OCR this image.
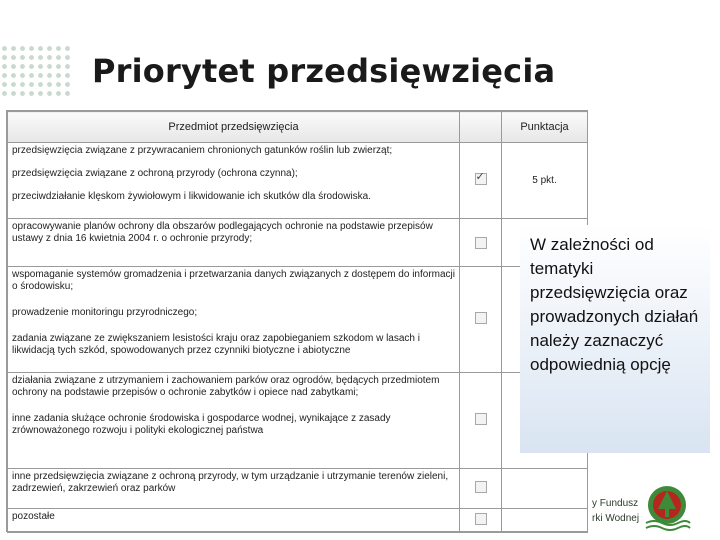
Priorytet przedsięwzięcia
Przedmiot przedsięwzięcia		Punktacja

przedsięwzięcia związane z przywracaniem chronionych gatunków roślin lub zwierząt;
przedsięwzięcia związane z ochroną przyrody (ochrona czynna);
przeciwdziałanie klęskom żywiołowym i likwidowanie ich skutków dla środowiska.	✓	5 pkt.

opracowywanie planów ochrony dla obszarów podlegających ochronie na podstawie przepisów ustawy z dnia 16 kwietnia 2004 r. o ochronie przyrody;		

wspomaganie systemów gromadzenia i przetwarzania danych związanych z dostępem do informacji o środowisku;
prowadzenie monitoringu przyrodniczego;
zadania związane ze zwiększaniem lesistości kraju oraz zapobieganiem szkodom w lasach i likwidacją tych szkód, spowodowanych przez czynniki biotyczne i abiotyczne		

działania związane z utrzymaniem i zachowaniem parków oraz ogrodów, będących przedmiotem ochrony na podstawie przepisów o ochronie zabytków i opiece nad zabytkami;
inne zadania służące ochronie środowiska i gospodarce wodnej, wynikające z zasady zrównoważonego rozwoju i polityki ekologicznej państwa		

inne przedsięwzięcia związane z ochroną przyrody, w tym urządzanie i utrzymanie terenów zieleni, zadrzewień, zakrzewień oraz parków		

pozostałe		

W zależności od tematyki przedsięwzięcia oraz prowadzonych działań należy zaznaczyć odpowiednią opcję
y Fundusz
rki Wodnej
